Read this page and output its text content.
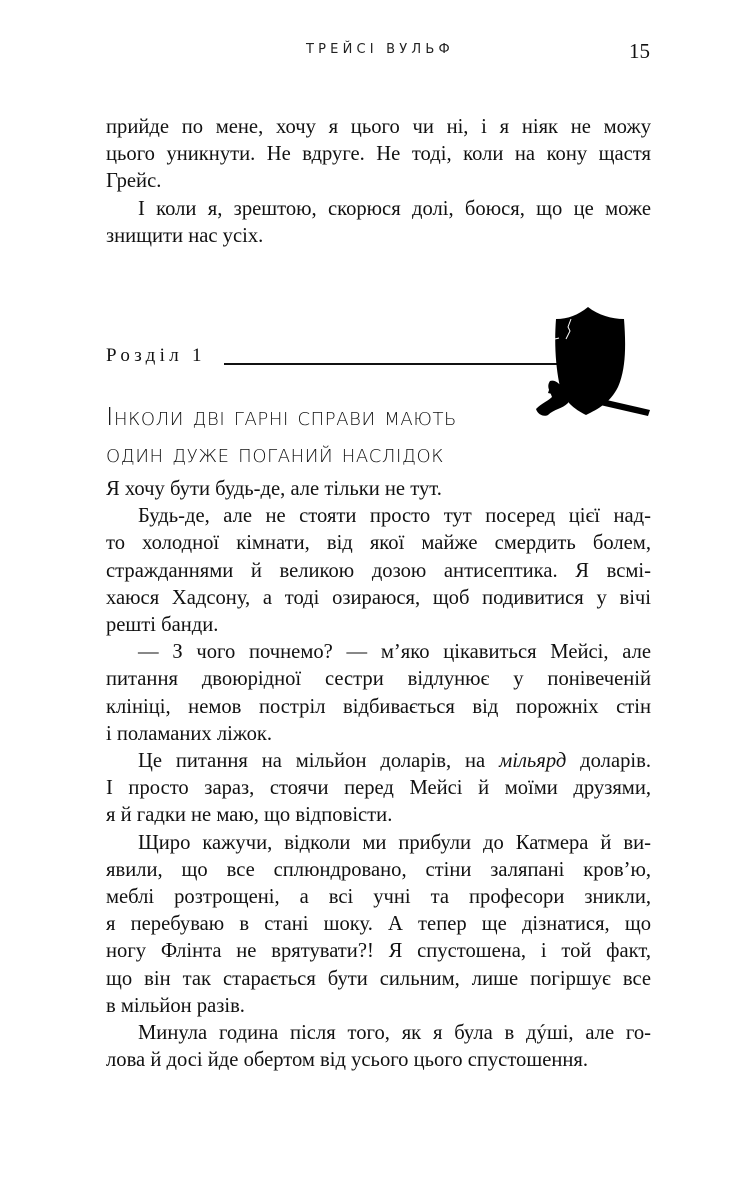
ТРЕЙСІ ВУЛЬФ	15

прийде по мене, хочу я цього чи ні, і я ніяк не можу
цього уникнути. Не вдруге. Не тоді, коли на кону щастя
Грейс.

І коли я, зрештою, скорюся долі, боюся, що це може
знищити нас усіх.

Розділ 1
Інколи дві гарні справи мають
один дуже поганий наслідок

Я хочу бути будь-де, але тільки не тут.

Будь-де, але не стояти просто тут посеред цієї над-
то холодної кімнати, від якої майже смердить болем,
стражданнями й великою дозою антисептика. Я всмі-
хаюся Хадсону, а тоді озираюся, щоб подивитися у вічі
решті банди.

— З чого почнемо? — м’яко цікавиться Мейсі, але
питання двоюрідної сестри відлунює у понівеченій
клініці, немов постріл відбивається від порожніх стін
і поламаних ліжок.

Це питання на мільйон доларів, на мільярд доларів.
І просто зараз, стоячи перед Мейсі й моїми друзями,
я й гадки не маю, що відповісти.

Щиро кажучи, відколи ми прибули до Катмера й ви-
явили, що все сплюндровано, стіни заляпані кров’ю,
меблі розтрощені, а всі учні та професори зникли,
я перебуваю в стані шоку. А тепер ще дізнатися, що
ногу Флінта не врятувати?! Я спустошена, і той факт,
що він так старається бути сильним, лише погіршує все
в мільйон разів.

Минула година після того, як я була в дýші, але го-
лова й досі йде обертом від усього цього спустошення.
